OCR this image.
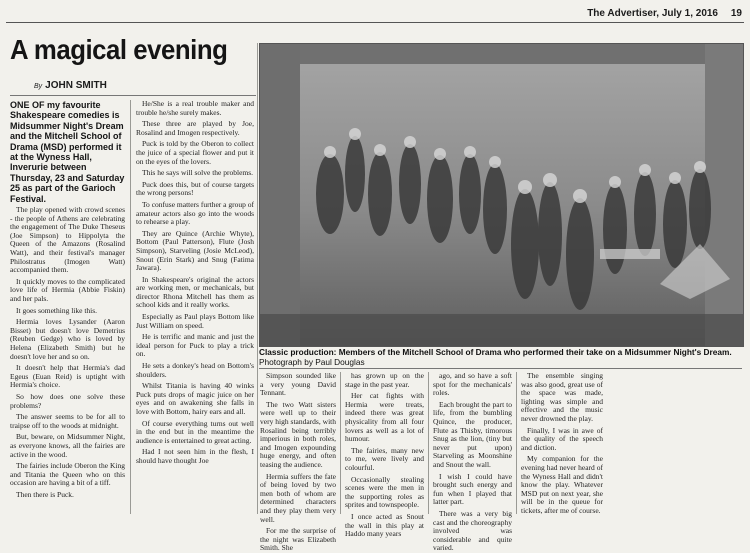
The Advertiser, July 1, 2016 19
A magical evening
By JOHN SMITH
ONE OF my favourite Shakespeare comedies is Midsummer Night's Dream and the Mitchell School of Drama (MSD) performed it at the Wyness Hall, Inverurie between Thursday, 23 and Saturday 25 as part of the Garioch Festival.

The play opened with crowd scenes - the people of Athens are celebrating the engagement of The Duke Theseus (Joe Simpson) to Hippolyta the Queen of the Amazons (Rosalind Watt), and their festival's manager Philostratus (Imogen Watt) accompanied them.

It quickly moves to the complicated love life of Hermia (Abbie Fiskin) and her pals.

It goes something like this.

Hermia loves Lysander (Aaron Bisset) but doesn't love Demetrius (Reuben Gedge) who is loved by Helena (Elizabeth Smith) but he doesn't love her and so on.

It doesn't help that Hermia's dad Egeus (Euan Reid) is uptight with Hermia's choice.

So how does one solve these problems?

The answer seems to be for all to traipse off to the woods at midnight.

But, beware, on Midsummer Night, as everyone knows, all the fairies are active in the wood.

The fairies include Oberon the King and Titania the Queen who on this occasion are having a bit of a tiff.

Then there is Puck.

He/She is a real trouble maker and trouble he/she surely makes.

These three are played by Joe, Rosalind and Imogen respectively.

Puck is told by the Oberon to collect the juice of a special flower and put it on the eyes of the lovers.

This he says will solve the problems.

Puck does this, but of course targets the wrong persons!

To confuse matters further a group of amateur actors also go into the woods to rehearse a play.

They are Quince (Archie Whyte), Bottom (Paul Patterson), Flute (Josh Simpson), Starveling (Josie McLeod), Snout (Erin Stark) and Snug (Fatima Jawara).

In Shakespeare's original the actors are working men, or mechanicals, but director Rhona Mitchell has them as school kids and it really works.

Especially as Paul plays Bottom like Just William on speed.

He is terrific and manic and just the ideal person for Puck to play a trick on.

He sets a donkey's head on Bottom's shoulders.

Whilst Titania is having 40 winks Puck puts drops of magic juice on her eyes and on awakening she falls in love with Bottom, hairy ears and all.

Of course everything turns out well in the end but in the meantime the audience is entertained to great acting.

Had I not seen him in the flesh, I should have thought Joe

Classic production: Members of the Mitchell School of Drama who performed their take on a Midsummer Night's Dream. Photograph by Paul Douglas

Simpson sounded like a very young David Tennant.

The two Watt sisters were well up to their very high standards, with Rosalind being terribly imperious in both roles, and Imogen expounding huge energy, and often teasing the audience.

Hermia suffers the fate of being loved by two men both of whom are determined characters and they play them very well.

For me the surprise of the night was Elizabeth Smith. She

has grown up on the stage in the past year.

Her cat fights with Hermia were treats, indeed there was great physicality from all four lovers as well as a lot of humour.

The fairies, many new to me, were lively and colourful.

Occasionally stealing scenes were the men in the supporting roles as sprites and townspeople.

I once acted as Snout the wall in this play at Haddo many years

ago, and so have a soft spot for the mechanicals' roles.

Each brought the part to life, from the bumbling Quince, the producer, Flute as Thisby, timorous Snug as the lion, (tiny but never put upon) Starveling as Moonshine and Snout the wall.

I wish I could have brought such energy and fun when I played that latter part.

There was a very big cast and the choreography involved was considerable and quite varied.

The ensemble singing was also good, great use of the space was made, lighting was simple and effective and the music never drowned the play.

Finally, I was in awe of the quality of the speech and diction.

My companion for the evening had never heard of the Wyness Hall and didn't know the play. Whatever MSD put on next year, she will be in the queue for tickets, after me of course.
